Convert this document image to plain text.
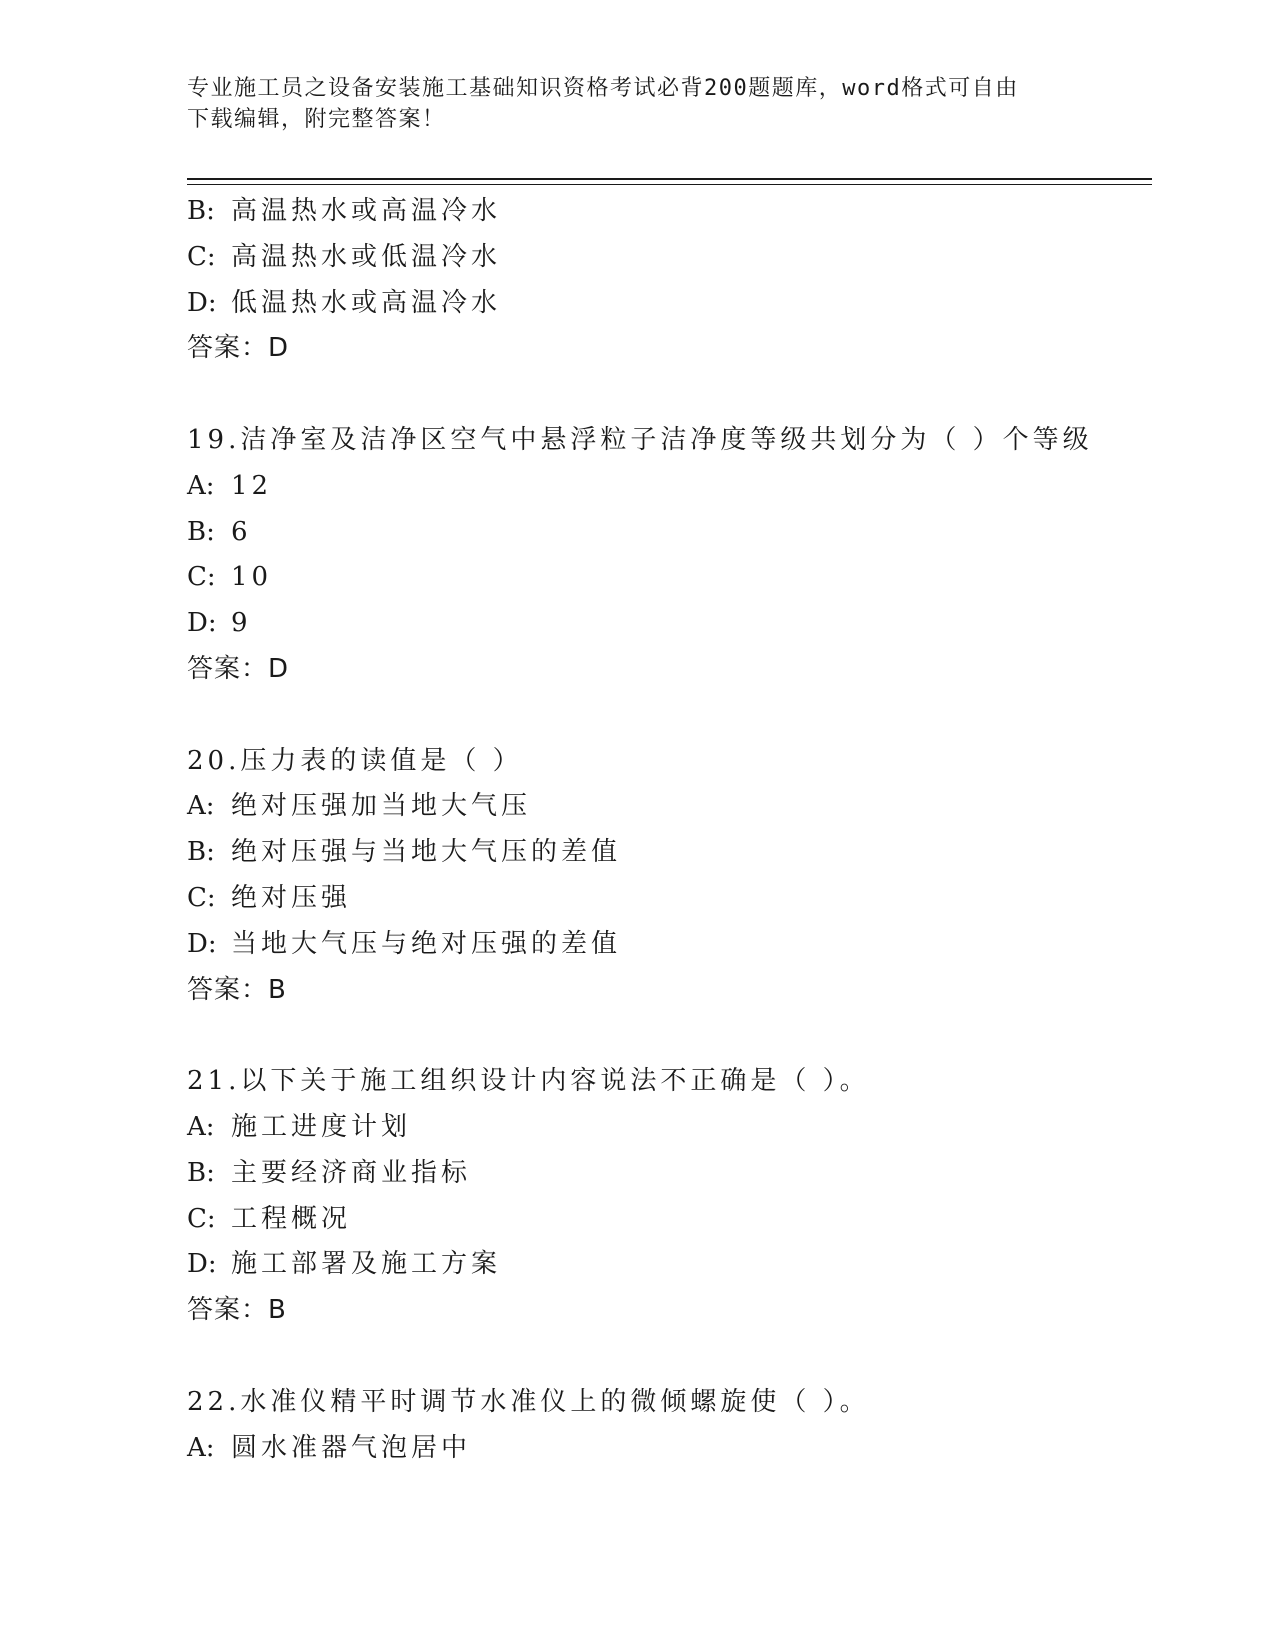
专业施工员之设备安装施工基础知识资格考试必背200题题库，word格式可自由
下载编辑，附完整答案！
B: 高温热水或高温冷水
C: 高温热水或低温冷水
D: 低温热水或高温冷水
答案：D
19.洁净室及洁净区空气中悬浮粒子洁净度等级共划分为（ ）个等级
A: 12
B: 6
C: 10
D: 9
答案：D
20.压力表的读值是（ ）
A: 绝对压强加当地大气压
B: 绝对压强与当地大气压的差值
C: 绝对压强
D: 当地大气压与绝对压强的差值
答案：B
21.以下关于施工组织设计内容说法不正确是（ ）。
A: 施工进度计划
B: 主要经济商业指标
C: 工程概况
D: 施工部署及施工方案
答案：B
22.水准仪精平时调节水准仪上的微倾螺旋使（ ）。
A: 圆水准器气泡居中
